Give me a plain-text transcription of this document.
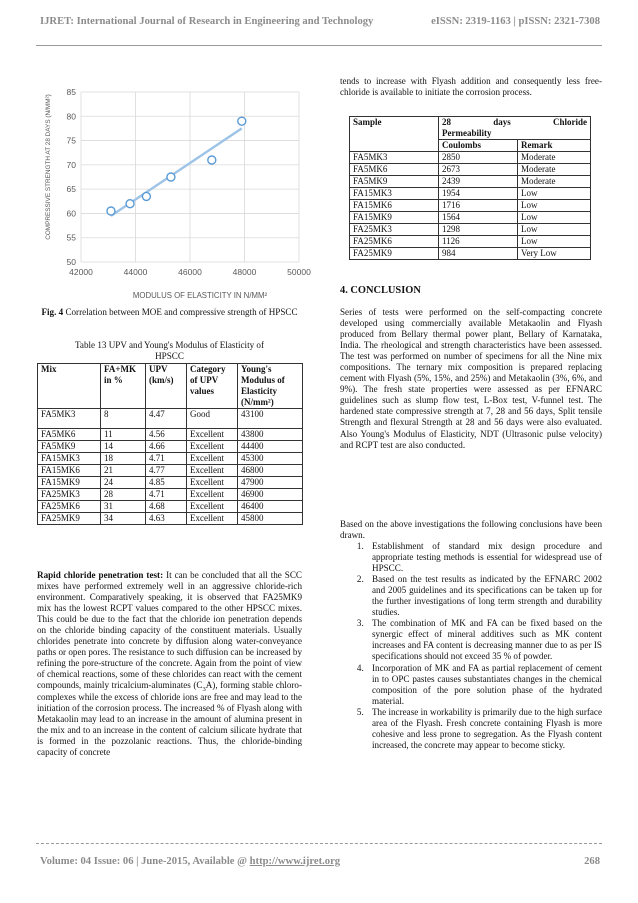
IJRET: International Journal of Research in Engineering and Technology	eISSN: 2319-1163 | pISSN: 2321-7308
50
55
60
65
70
75
80
85
42000	44000	46000	48000	50000
MODULUS OF ELASTICITY IN N/MM²
COMPRESSIVE STRENGTH AT 28 DAYS (N/MM²)
Fig. 4 Correlation between MOE and compressive strength of HPSCC
Table 13 UPV and Young's Modulus of Elasticity of HPSCC
Mix	FA+MK in %	UPV (km/s)	Category of UPV values	Young's Modulus of Elasticity (N/mm²)
FA5MK3	8	4.47	Good	43100
FA5MK6	11	4.56	Excellent	43800
FA5MK9	14	4.66	Excellent	44400
FA15MK3	18	4.71	Excellent	45300
FA15MK6	21	4.77	Excellent	46800
FA15MK9	24	4.85	Excellent	47900
FA25MK3	28	4.71	Excellent	46900
FA25MK6	31	4.68	Excellent	46400
FA25MK9	34	4.63	Excellent	45800
Rapid chloride penetration test: It can be concluded that all the SCC mixes have performed extremely well in an aggressive chloride-rich environment. Comparatively speaking, it is observed that FA25MK9 mix has the lowest RCPT values compared to the other HPSCC mixes. This could be due to the fact that the chloride ion penetration depends on the chloride binding capacity of the constituent materials. Usually chlorides penetrate into concrete by diffusion along water-conveyance paths or open pores. The resistance to such diffusion can be increased by refining the pore-structure of the concrete. Again from the point of view of chemical reactions, some of these chlorides can react with the cement compounds, mainly tricalcium-aluminates $(C_3A)$, forming stable chloro-complexes while the excess of chloride ions are free and may lead to the initiation of the corrosion process. The increased % of Flyash along with Metakaolin may lead to an increase in the amount of alumina present in the mix and to an increase in the content of calcium silicate hydrate that is formed in the pozzolanic reactions. Thus, the chloride-binding capacity of concrete
tends to increase with Flyash addition and consequently less free-chloride is available to initiate the corrosion process.
Sample	28 days Chloride
Permeability	

	Coulombs	Remark
FA5MK3	2850	Moderate
FA5MK6	2673	Moderate
FA5MK9	2439	Moderate
FA15MK3	1954	Low
FA15MK6	1716	Low
FA15MK9	1564	Low
FA25MK3	1298	Low
FA25MK6	1126	Low
FA25MK9	984	Very Low
4. CONCLUSION
Series of tests were performed on the self-compacting concrete developed using commercially available Metakaolin and Flyash produced from Bellary thermal power plant, Bellary of Karnataka, India. The rheological and strength characteristics have been assessed. The test was performed on number of specimens for all the Nine mix compositions. The ternary mix composition is prepared replacing cement with Flyash (5%, 15%, and 25%) and Metakaolin (3%, 6%, and 9%). The fresh state properties were assessed as per EFNARC guidelines such as slump flow test, L-Box test, V-funnel test. The hardened state compressive strength at 7, 28 and 56 days, Split tensile Strength and flexural Strength at 28 and 56 days were also evaluated. Also Young's Modulus of Elasticity, NDT (Ultrasonic pulse velocity) and RCPT test are also conducted.
Based on the above investigations the following conclusions have been drawn.
1. Establishment of standard mix design procedure and appropriate testing methods is essential for widespread use of HPSCC.
2. Based on the test results as indicated by the EFNARC 2002 and 2005 guidelines and its specifications can be taken up for the further investigations of long term strength and durability studies.
3. The combination of MK and FA can be fixed based on the synergic effect of mineral additives such as MK content increases and FA content is decreasing manner due to as per IS specifications should not exceed 35 % of powder.
4. Incorporation of MK and FA as partial replacement of cement in to OPC pastes causes substantiates changes in the chemical composition of the pore solution phase of the hydrated material.
5. The increase in workability is primarily due to the high surface area of the Flyash. Fresh concrete containing Flyash is more cohesive and less prone to segregation. As the Flyash content increased, the concrete may appear to become sticky.
Volume: 04 Issue: 06 | June-2015, Available @ http://www.ijret.org	268
